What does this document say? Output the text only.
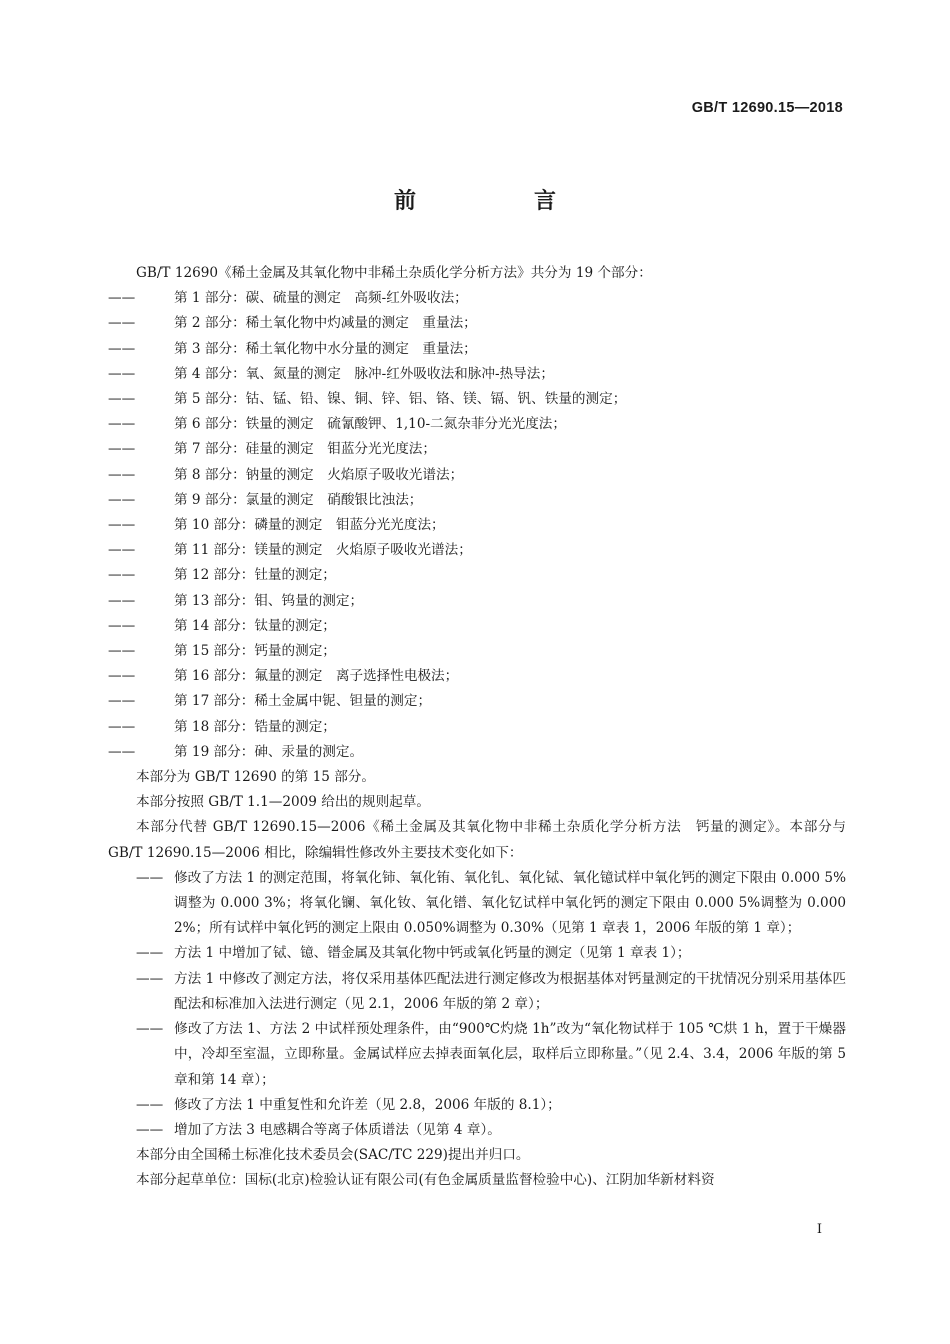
GB/T 12690.15—2018
前　言
GB/T 12690《稀土金属及其氧化物中非稀土杂质化学分析方法》共分为 19 个部分：
——	第 1 部分：碳、硫量的测定　高频-红外吸收法；
——	第 2 部分：稀土氧化物中灼减量的测定　重量法；
——	第 3 部分：稀土氧化物中水分量的测定　重量法；
——	第 4 部分：氧、氮量的测定　脉冲-红外吸收法和脉冲-热导法；
——	第 5 部分：钴、锰、铅、镍、铜、锌、铝、铬、镁、镉、钒、铁量的测定；
——	第 6 部分：铁量的测定　硫氰酸钾、1,10-二氮杂菲分光光度法；
——	第 7 部分：硅量的测定　钼蓝分光光度法；
——	第 8 部分：钠量的测定　火焰原子吸收光谱法；
——	第 9 部分：氯量的测定　硝酸银比浊法；
——	第 10 部分：磷量的测定　钼蓝分光光度法；
——	第 11 部分：镁量的测定　火焰原子吸收光谱法；
——	第 12 部分：钍量的测定；
——	第 13 部分：钼、钨量的测定；
——	第 14 部分：钛量的测定；
——	第 15 部分：钙量的测定；
——	第 16 部分：氟量的测定　离子选择性电极法；
——	第 17 部分：稀土金属中铌、钽量的测定；
——	第 18 部分：锆量的测定；
——	第 19 部分：砷、汞量的测定。
本部分为 GB/T 12690 的第 15 部分。
本部分按照 GB/T 1.1—2009 给出的规则起草。
本部分代替 GB/T 12690.15—2006《稀土金属及其氧化物中非稀土杂质化学分析方法　钙量的测定》。本部分与 GB/T 12690.15—2006 相比，除编辑性修改外主要技术变化如下：
—— 修改了方法 1 的测定范围，将氧化铈、氧化铕、氧化钆、氧化铽、氧化镱试样中氧化钙的测定下限由 0.000 5%调整为 0.000 3%；将氧化镧、氧化钕、氧化镨、氧化钇试样中氧化钙的测定下限由 0.000 5%调整为 0.000 2%；所有试样中氧化钙的测定上限由 0.050%调整为 0.30%（见第 1 章表 1，2006 年版的第 1 章）；
—— 方法 1 中增加了铽、镱、镨金属及其氧化物中钙或氧化钙量的测定（见第 1 章表 1）；
—— 方法 1 中修改了测定方法，将仅采用基体匹配法进行测定修改为根据基体对钙量测定的干扰情况分别采用基体匹配法和标准加入法进行测定（见 2.1，2006 年版的第 2 章）；
—— 修改了方法 1、方法 2 中试样预处理条件，由“900℃灼烧 1h”改为“氧化物试样于 105 ℃烘 1 h，置于干燥器中，冷却至室温，立即称量。金属试样应去掉表面氧化层，取样后立即称量。”（见 2.4、3.4，2006 年版的第 5 章和第 14 章）；
—— 修改了方法 1 中重复性和允许差（见 2.8，2006 年版的 8.1）；
—— 增加了方法 3 电感耦合等离子体质谱法（见第 4 章）。
本部分由全国稀土标准化技术委员会(SAC/TC 229)提出并归口。
本部分起草单位：国标(北京)检验认证有限公司(有色金属质量监督检验中心)、江阴加华新材料资
I
